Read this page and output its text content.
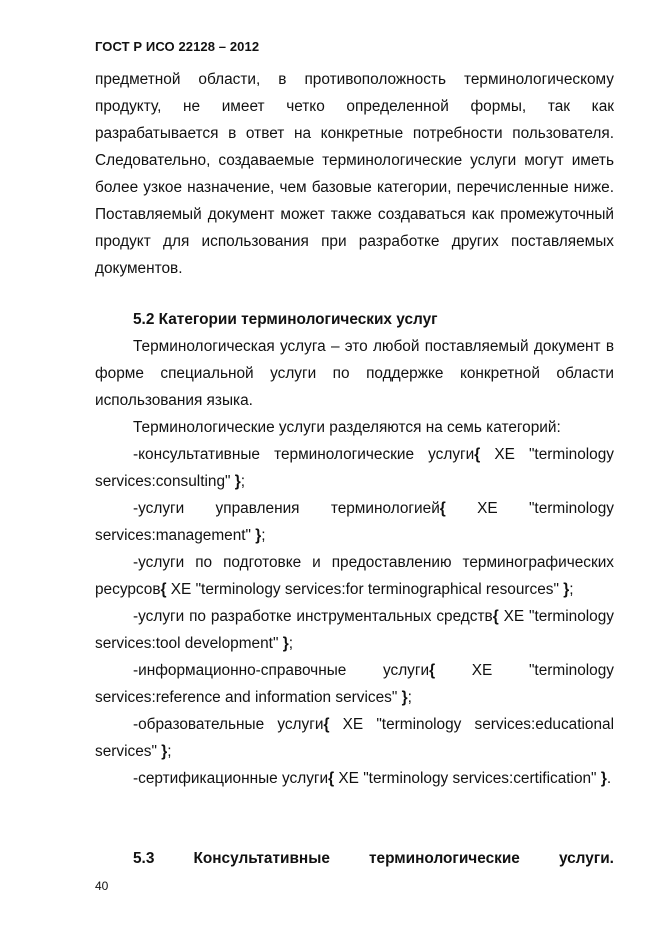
ГОСТ Р ИСО 22128 – 2012

предметной области, в противоположность терминологическому продукту, не имеет четко определенной формы, так как разрабатывается в ответ на конкретные потребности пользователя. Следовательно, создаваемые терминологические услуги могут иметь более узкое назначение, чем базовые категории, перечисленные ниже. Поставляемый документ может также создаваться как промежуточный продукт для использования при разработке других поставляемых документов.

5.2 Категории терминологических услуг

Терминологическая услуга – это любой поставляемый документ в форме специальной услуги по поддержке конкретной области использования языка.

Терминологические услуги разделяются на семь категорий:

-консультативные терминологические услуги{ XE "terminology services:consulting" };

-услуги управления терминологией{ XE "terminology services:management" };

-услуги по подготовке и предоставлению терминографических ресурсов{ XE "terminology services:for terminographical resources" };

-услуги по разработке инструментальных средств{ XE "terminology services:tool development" };

-информационно-справочные услуги{ XE "terminology services:reference and information services" };

-образовательные услуги{ XE "terminology services:educational services" };

-сертификационные услуги{ XE "terminology services:certification" }.

5.3	Консультативные	терминологические	услуги.
40
